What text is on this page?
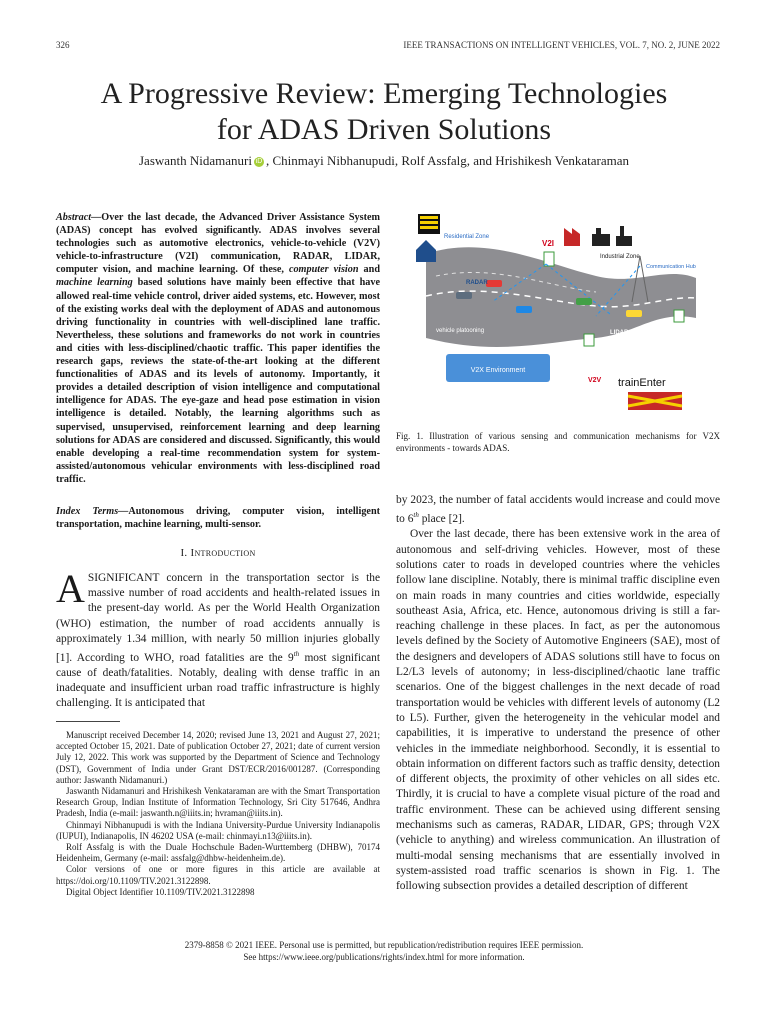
326	IEEE TRANSACTIONS ON INTELLIGENT VEHICLES, VOL. 7, NO. 2, JUNE 2022
A Progressive Review: Emerging Technologies
for ADAS Driven Solutions
Jaswanth Nidamanuri iD , Chinmayi Nibhanupudi, Rolf Assfalg, and Hrishikesh Venkataraman
Abstract—Over the last decade, the Advanced Driver Assistance System (ADAS) concept has evolved significantly. ADAS involves several technologies such as automotive electronics, vehicle-to-vehicle (V2V) vehicle-to-infrastructure (V2I) communication, RADAR, LIDAR, computer vision, and machine learning. Of these, computer vision and machine learning based solutions have mainly been effective that have allowed real-time vehicle control, driver aided systems, etc. However, most of the existing works deal with the deployment of ADAS and autonomous driving functionality in countries with well-disciplined lane traffic. Nevertheless, these solutions and frameworks do not work in countries and cities with less-disciplined/chaotic traffic. This paper identifies the research gaps, reviews the state-of-the-art looking at the different functionalities of ADAS and its levels of autonomy. Importantly, it provides a detailed description of vision intelligence and computational intelligence for ADAS. The eye-gaze and head pose estimation in vision intelligence is detailed. Notably, the learning algorithms such as supervised, unsupervised, reinforcement learning and deep learning solutions for ADAS are considered and discussed. Significantly, this would enable developing a real-time recommendation system for system-assisted/autonomous vehicular environments with less-disciplined road traffic.
Index Terms—Autonomous driving, computer vision, intelligent transportation, machine learning, multi-sensor.
I. Introduction
ASIGNIFICANT concern in the transportation sector is the massive number of road accidents and health-related issues in the present-day world. As per the World Health Organization (WHO) estimation, the number of road accidents annually is approximately 1.34 million, with nearly 50 million injuries globally [1]. According to WHO, road fatalities are the 9th most significant cause of death/fatalities. Notably, dealing with dense traffic in an inadequate and insufficient urban road traffic infrastructure is highly challenging. It is anticipated that

Manuscript received December 14, 2020; revised June 13, 2021 and August 27, 2021; accepted October 15, 2021. Date of publication October 27, 2021; date of current version July 12, 2022. This work was supported by the Department of Science and Technology (DST), Government of India under Grant DST/ECR/2016/001287. (Corresponding author: Jaswanth Nidamanuri.)

Jaswanth Nidamanuri and Hrishikesh Venkataraman are with the Smart Transportation Research Group, Indian Institute of Information Technology, Sri City 517646, Andhra Pradesh, India (e-mail: jaswanth.n@iiits.in; hvraman@iiits.in).

Chinmayi Nibhanupudi is with the Indiana University-Purdue University Indianapolis (IUPUI), Indianapolis, IN 46202 USA (e-mail: chinmayi.n13@iiits.in).

Rolf Assfalg is with the Duale Hochschule Baden-Wurttemberg (DHBW), 70174 Heidenheim, Germany (e-mail: assfalg@dhbw-heidenheim.de).

Color versions of one or more figures in this article are available at https://doi.org/10.1109/TIV.2021.3122898.

Digital Object Identifier 10.1109/TIV.2021.3122898

Residential Zone
V2I
Industrial Zone
Communication Hub
RADAR
vehicle platooning	LIDAR
V2X Environment
V2V trainEnter
Fig. 1. Illustration of various sensing and communication mechanisms for V2X environments - towards ADAS.

by 2023, the number of fatal accidents would increase and could move to 6th place [2].

Over the last decade, there has been extensive work in the area of autonomous and self-driving vehicles. However, most of these solutions cater to roads in developed countries where the vehicles follow lane discipline. Notably, there is minimal traffic discipline even on main roads in many countries and cities worldwide, especially southeast Asia, Africa, etc. Hence, autonomous driving is still a far-reaching challenge in these places. In fact, as per the autonomous levels defined by the Society of Automotive Engineers (SAE), most of the designers and developers of ADAS solutions still have to focus on L2/L3 levels of autonomy; in less-disciplined/chaotic lane traffic scenarios. One of the biggest challenges in the next decade of road transportation would be vehicles with different levels of autonomy (L2 to L5). Further, given the heterogeneity in the vehicular model and capabilities, it is imperative to understand the presence of other vehicles in the immediate neighborhood. Secondly, it is essential to obtain information on different factors such as traffic density, detection of different objects, the proximity of other vehicles on all sides etc. Thirdly, it is crucial to have a complete visual picture of the road and traffic environment. These can be achieved using different sensing mechanisms such as cameras, RADAR, LIDAR, GPS; through V2X (vehicle to anything) and wireless communication. An illustration of multi-modal sensing mechanisms that are essentially involved in system-assisted road traffic scenarios is shown in Fig. 1. The following subsection provides a detailed description of different

2379-8858 © 2021 IEEE. Personal use is permitted, but republication/redistribution requires IEEE permission.
See https://www.ieee.org/publications/rights/index.html for more information.
